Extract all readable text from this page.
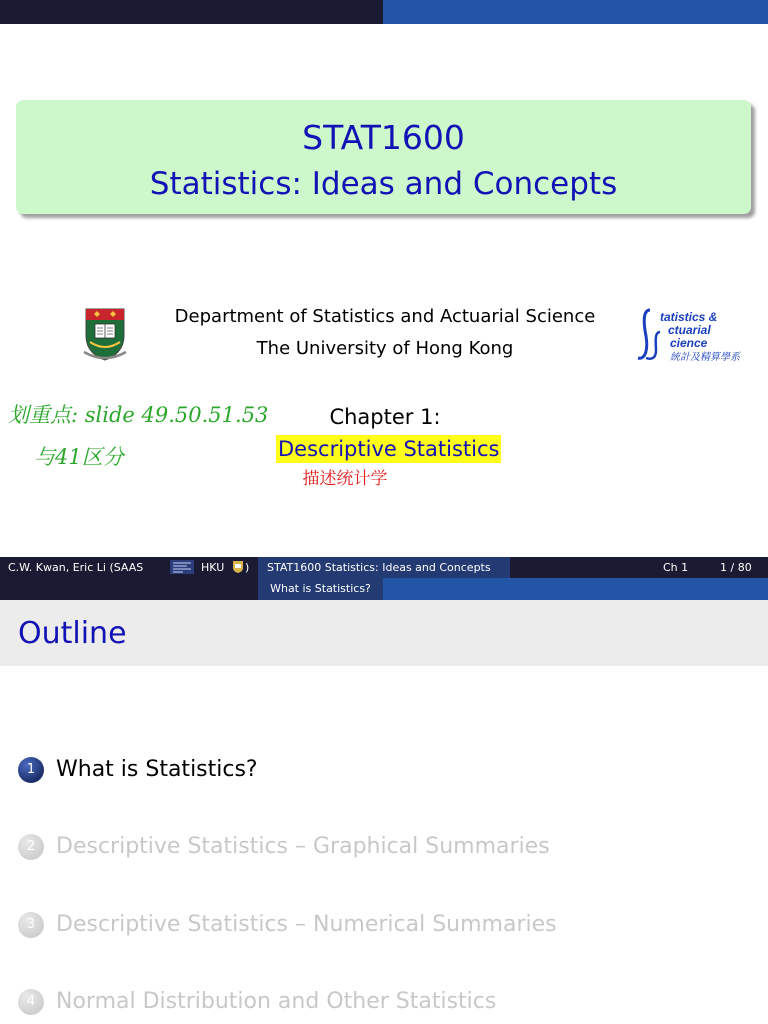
STAT1600
Statistics: Ideas and Concepts
Department of Statistics and Actuarial Science
The University of Hong Kong
tatistics &
ctuarial
cience
統計及精算學系
划重点: slide 49.50.51.53
与41区分
Chapter 1:
Descriptive Statistics
描述统计学
C.W. Kwan, Eric Li (SAAS	HKU ) STAT1600 Statistics: Ideas and Concepts	Ch 1	1 / 80
What is Statistics?
Outline
1 What is Statistics?
2 Descriptive Statistics – Graphical Summaries
3 Descriptive Statistics – Numerical Summaries
4 Normal Distribution and Other Statistics
